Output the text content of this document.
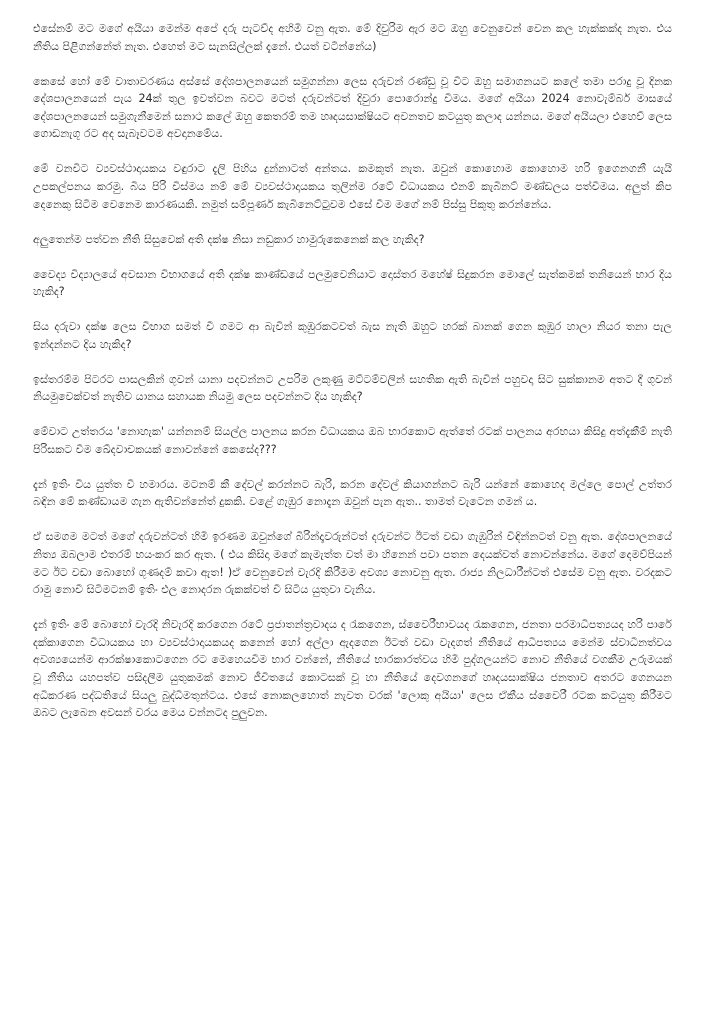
එසේනම් මට මගේ අයියා මෙන්ම අපේ දරු පැටව්ද අහිමි වනු ඇත. මේ දිවුරිම ඇර මට ඔහු වෙනුවෙන් වෙන කල හැක්කක්ද නැත. එය නීතිය පිළිගන්නේත් නැත. එහෙත් මට සැනසිල්ලක් දැනේ. එයත් වටින්නේය)

කෙසේ හෝ මේ වාතාවරණය අස්සේ දේශපාලනයෙන් සමුගන්නා ලෙස දරුවන් රණ්ඩු වූ විට ඔහු සමාගනයට කලේ තමා පරාදු වූ දිනක දේශපාලනයෙන් පැය 24ක් තුල ඉවත්වන බවට මටත් දරුවන්ටත් දිවුරා පොරොන්දු වීමය. මගේ අයියා 2024 නොවැම්බර් මාසයේ දේශපාලනයෙන් සමුගැනීමෙන් සනාථ කලේ ඔහු කෙතරම් තම හෘදයසාක්ෂියට අවනතව කටයුතු කලාද යන්නය. මගේ අයියලා එහෙව් ලෙස ගොඩනැගූ රට අද සැබෑවටම අවදානමේය.

මේ වනවිට ව්‍යවස්ථාදායකය වඳුරාට දැලි පිහිය දුන්නාටත් අන්තය. කමකුත් නැත. ඔවුන් කොහොම කොහොම හරි ඉගෙනගනී යැයි උපකල්පනය කරමු. බිය පිරි විස්මය නම් මේ ව්‍යවස්ථාදායකය තුලින්ම රටේ විධායකය එනම් කැබිනට් මණ්ඩලය පත්වීමය. අලුත් කිප දෙනෙකු සිටීම වෙනෙම කාරණයකි. නමුත් සම්පූර්ණ කැබිනෙට්ටුවම එසේ වීම මගේ නම් පිස්සු පිකුතු කරන්නේය.

අලුතෙන්ම පත්වන නීති සිසුවෙක් අති දක්ෂ නිසා නඩුකාර හාමුරුකෙනෙක් කල හැකිද?

වෛද්‍ය විද්‍යාලයේ අවසාන විභාගයේ අති දක්ෂ කාණ්ඩයේ පලමුවෙනියාට දොස්තර මහේෂ් සිදුකරන මොලේ සැත්කමක් තනියෙන් භාර දිය හැකිද?

සිය දරුවා දක්ෂ ලෙස විභාග සමත් වී ගමට ආ බැවින් කුඹුරකටවත් බැස නැති ඔහුට හරක් බානක් ගෙන කුඹුර හාලා නියර තනා පැල ඉන්දන්නට දිය හැකිද?

ඉස්තරම්ම පිටරට පාසලකින් ගුවන් යානා පදවන්නට උපරිම ලකුණු මට්ටම්වලින් සහතික ඇති බැවින් පහුවදා සිට සුක්කානම අතට දී ගුවන් නියමුවෙක්වත් නැතිව යානය සහායක නියමු ලෙස පදවන්නට දිය හැකිද?

මේවාට උත්තරය 'නොහැක' යන්නනම් සියල්ල පාලනය කරන විධායකය ඔබ භාරකොට ඇත්තේ රටක් පාලනය අරභයා කිසිදු අත්දැකීම් නැති පිරිසකට වීම ඛේදවාචකයක් නොවන්නේ කෙසේද???

දැන් ඉතිං විය යුත්ත වී හමාරය. මටනම් කී දේවල් කරන්නට බැරි, කරන දේවල් කියාගන්නට බැරි යන්නේ කොහෙද මල්ලෙ පොල් උත්තර බඳින මේ කණ්ඩායම ගැන ඇතිවන්නේත් දුකකි. වළේ ගැඹුර නොදැන ඔවුන් පැන ඇත.. තාමත් වැටෙන ගමන් ය.

ඒ සමගම මටත් මගේ දරුවන්ටත් හිමි ඉරණම ඔවුන්ගේ බිරින්දෑවරුන්ටත් දරුවන්ට ඊටත් වඩා ගැඹුරින් විඳින්නටත් වනු ඇත. දේශපාලනයේ නිත්‍ය ඔබලාම එතරම් භයංකර කර ඇත. ( එය කිසිදා මගේ කැමැත්ත වත් මා හිනෙන් පවා පතන දෙයක්වත් නොවන්නේය. මගේ දෙමව්පියන් මට ඊට වඩා බොහෝ ගුණදම් කවා ඇත! )ඒ වෙනුවෙන් වැරදි කිරීමම අවශ්‍ය නොවනු ඇත. රාජ්‍ය නිලධාරීන්ටත් එසේම වනු ඇත. වරදකට රාමු නොවී සිටීමටනම් ඉතිං එල නොදරන රුකක්වත් වී සිටිය යුතුවා වැනිය.

දැන් ඉතිං මේ බොහෝ වැරදි නිවැරදි කරගෙන රටේ ප්‍රජාතන්ත්‍රවාදය ද රැකගෙන, ස්වෛරීභාවයද රැකගෙන, ජනතා පරමාධිපත්‍යයද හරි පාරේ දක්කාගෙන විධායකය හා ව්‍යවස්ථාදායකයද කනෙන් හෝ අල්ලා ඇදගෙන ඊටත් වඩා වැදගත් නීතියේ ආධිපත්‍යය මෙන්ම ස්වාධීනත්වය අවශ්‍යයෙන්ම ආරක්ෂාකොටගෙන රට මෙහෙයවීම භාර වන්නේ, නීතියේ භාරකාරත්වය හිමි පුද්ගලයන්ට නොව නීතියේ වගකීම උරුමයක් වූ නීතිය යහපත්ව පසිදලීම යුතුකමක් නොව ජීවිතයේ කොටසක් වූ හා නීතියේ දෙවගනගේ හෘදයසාක්ෂිය ජනතාව අතරට ගෙනයන අධිකරණ පද්ධතියේ සියලු බුද්ධිමතුන්ටය. එසේ නොකලහොත් නැවත වරක් 'ලොකු අයියා' ලෙස ඒකීය ස්වෛරී රටක කටයුතු කිරීමට ඔබට ලැබෙන අවසන් වරය මෙය වන්නටද පුලුවන.
